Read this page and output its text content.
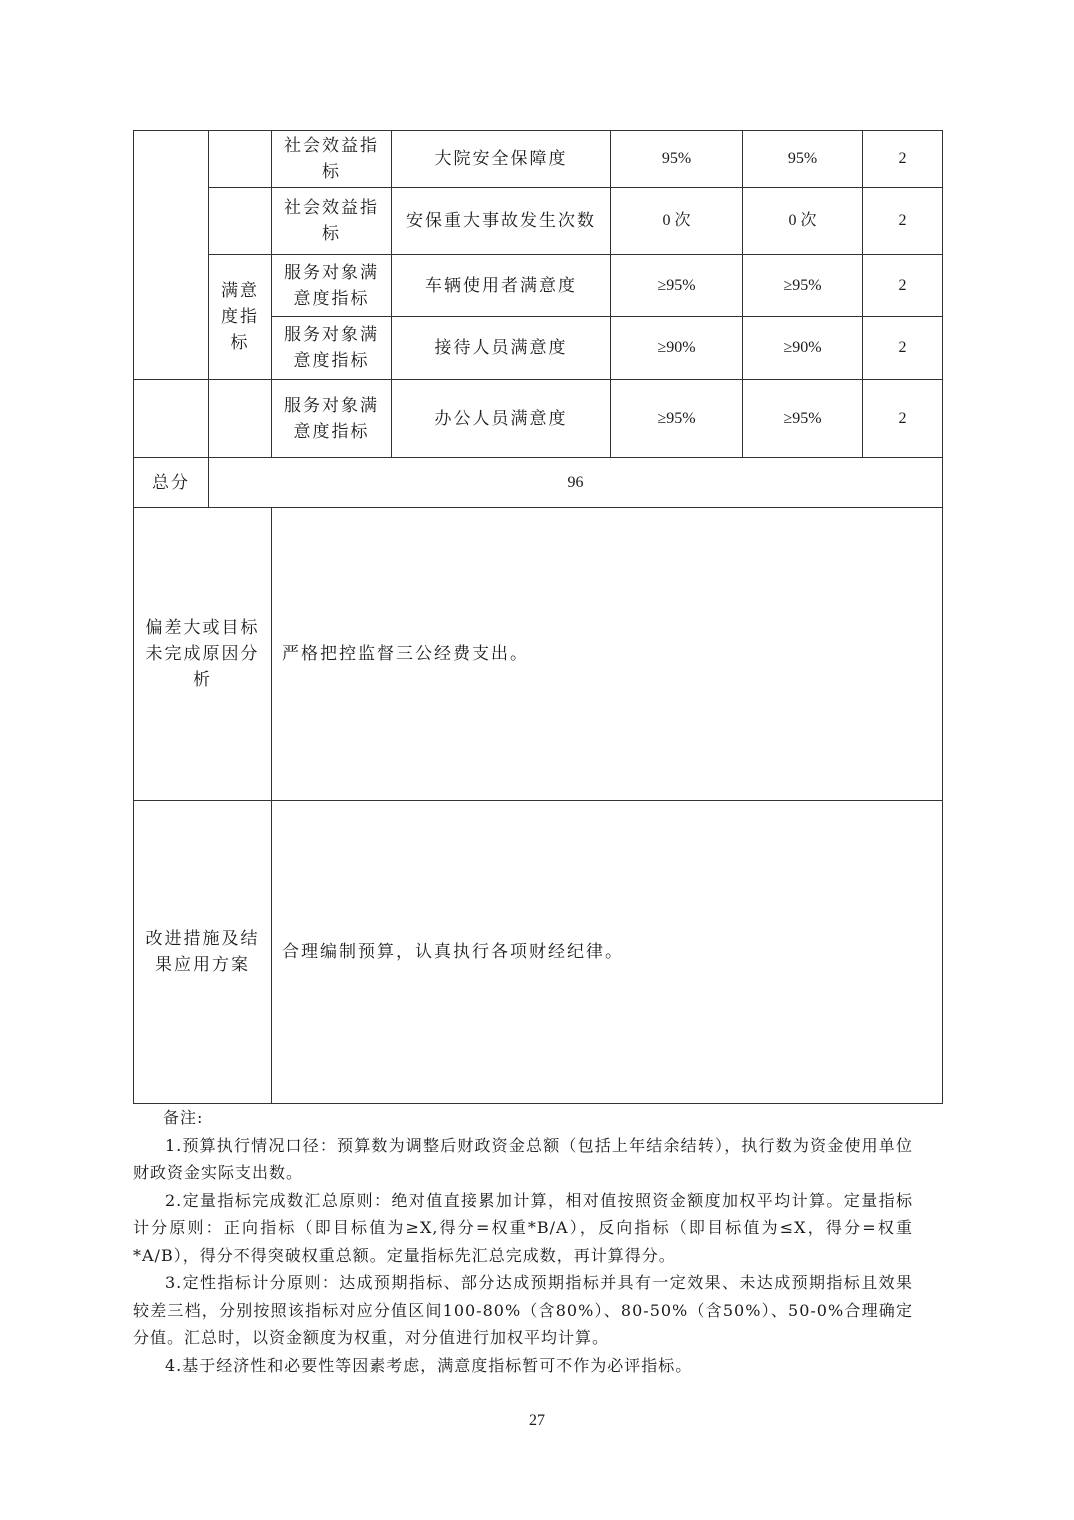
		社会效益指标	大院安全保障度	95%	95%	2
		社会效益指标	安保重大事故发生次数	0 次	0 次	2
	满意度指标	服务对象满意度指标	车辆使用者满意度	≥95%	≥95%	2
		服务对象满意度指标	接待人员满意度	≥90%	≥90%	2
		服务对象满意度指标	办公人员满意度	≥95%	≥95%	2
总分	96					
偏差大或目标未完成原因分析		严格把控监督三公经费支出。				
改进措施及结果应用方案		合理编制预算，认真执行各项财经纪律。				

备注:

1.预算执行情况口径：预算数为调整后财政资金总额（包括上年结余结转），执行数为资金使用单位财政资金实际支出数。

2.定量指标完成数汇总原则：绝对值直接累加计算，相对值按照资金额度加权平均计算。定量指标计分原则：正向指标（即目标值为≥X,得分=权重*B/A），反向指标（即目标值为≤X，得分=权重*A/B），得分不得突破权重总额。定量指标先汇总完成数，再计算得分。

3.定性指标计分原则：达成预期指标、部分达成预期指标并具有一定效果、未达成预期指标且效果较差三档，分别按照该指标对应分值区间100-80%（含80%）、80-50%（含50%）、50-0%合理确定分值。汇总时，以资金额度为权重，对分值进行加权平均计算。

4.基于经济性和必要性等因素考虑，满意度指标暂可不作为必评指标。

27
